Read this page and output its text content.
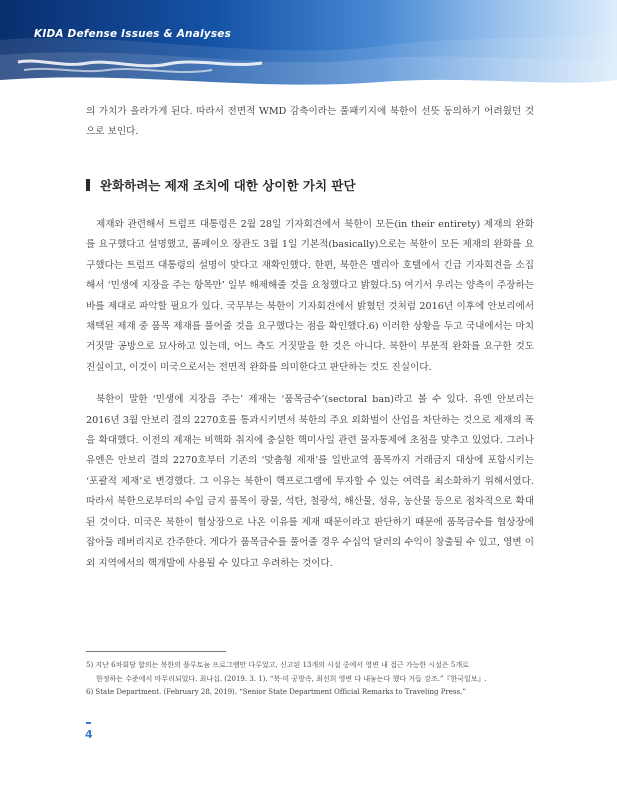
KIDA Defense Issues & Analyses

의 가치가 올라가게 된다. 따라서 전면적 WMD 감축이라는 풀패키지에 북한이 선뜻 동의하기 어려웠던 것으로 보인다.

완화하려는 제재 조치에 대한 상이한 가치 판단

제재와 관련해서 트럼프 대통령은 2월 28일 기자회견에서 북한이 모든(in their entirety) 제재의 완화를 요구했다고 설명했고, 폼페이오 장관도 3월 1일 기본적(basically)으로는 북한이 모든 제재의 완화를 요구했다는 트럼프 대통령의 설명이 맞다고 재확인했다. 한편, 북한은 멜리아 호텔에서 긴급 기자회견을 소집해서 ‘민생에 지장을 주는 항목만’ 일부 해제해줄 것을 요청했다고 밝혔다.5) 여기서 우리는 양측이 주장하는 바를 제대로 파악할 필요가 있다. 국무부는 북한이 기자회견에서 밝혔던 것처럼 2016년 이후에 안보리에서 채택된 제재 중 품목 제재를 풀어줄 것을 요구했다는 점을 확인했다.6) 이러한 상황을 두고 국내에서는 마치 거짓말 공방으로 묘사하고 있는데, 어느 측도 거짓말을 한 것은 아니다. 북한이 부분적 완화를 요구한 것도 진실이고, 이것이 미국으로서는 전면적 완화를 의미한다고 판단하는 것도 진실이다.

북한이 말한 ‘민생에 지장을 주는’ 제재는 ‘품목금수’(sectoral ban)라고 볼 수 있다. 유엔 안보리는 2016년 3월 안보리 결의 2270호를 통과시키면서 북한의 주요 외화벌이 산업을 차단하는 것으로 제재의 폭을 확대했다. 이전의 제재는 비핵화 취지에 충실한 핵미사일 관련 물자통제에 초점을 맞추고 있었다. 그러나 유엔은 안보리 결의 2270호부터 기존의 ‘맞춤형 제재’를 일반교역 품목까지 거래금지 대상에 포함시키는 ‘포괄적 제재’로 변경했다. 그 이유는 북한이 핵프로그램에 투자할 수 있는 여력을 최소화하기 위해서였다. 따라서 북한으로부터의 수입 금지 품목이 광물, 석탄, 철광석, 해산물, 섬유, 농산물 등으로 점차적으로 확대된 것이다. 미국은 북한이 협상장으로 나온 이유를 제재 때문이라고 판단하기 때문에 품목금수를 협상장에 잡아둘 레버리지로 간주한다. 게다가 품목금수를 풀어줄 경우 수십억 달러의 수익이 창출될 수 있고, 영변 이외 지역에서의 핵개발에 사용될 수 있다고 우려하는 것이다.

5) 지난 6차회담 합의는 북한의 플루토늄 프로그램만 다루었고, 신고된 13개의 시설 중에서 영변 내 접근 가능한 시설은 5개로
한정하는 수준에서 마무리되었다. 최나십. (2019. 3. 1). “북·미 공방속, 최선희 영변 다 내놓는다 했다 거듭 강조.”『한국일보』.

6) State Department. (February 28, 2019). “Senior State Department Official Remarks to Traveling Press.”

4
